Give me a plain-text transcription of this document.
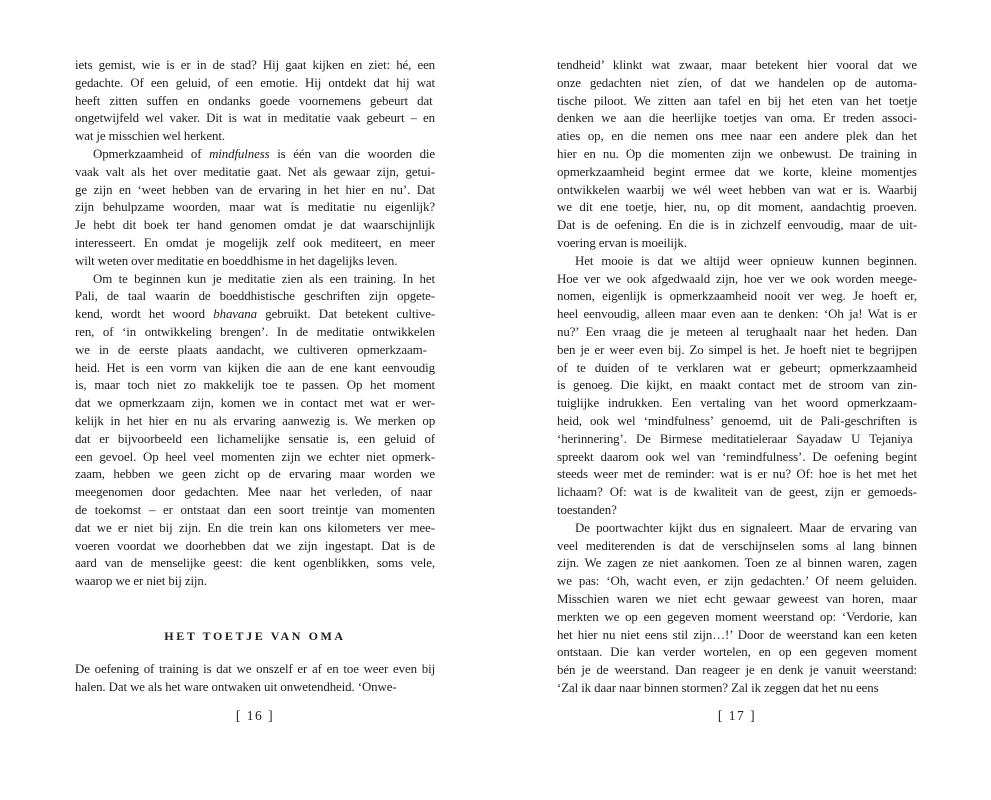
iets gemist, wie is er in de stad? Hij gaat kijken en ziet: hé, een
gedachte. Of een geluid, of een emotie. Hij ontdekt dat hij wat
heeft zitten suffen en ondanks goede voornemens gebeurt dat
ongetwijfeld wel vaker. Dit is wat in meditatie vaak gebeurt – en
wat je misschien wel herkent.
Opmerkzaamheid of mindfulness is één van die woorden die
vaak valt als het over meditatie gaat. Net als gewaar zijn, getui-
ge zijn en ‘weet hebben van de ervaring in het hier en nu’. Dat
zijn behulpzame woorden, maar wat ís meditatie nu eigenlijk?
Je hebt dit boek ter hand genomen omdat je dat waarschijnlijk
interesseert. En omdat je mogelijk zelf ook mediteert, en meer
wilt weten over meditatie en boeddhisme in het dagelijks leven.
Om te beginnen kun je meditatie zien als een training. In het
Pali, de taal waarin de boeddhistische geschriften zijn opgete-
kend, wordt het woord bhavana gebruikt. Dat betekent cultive-
ren, of ‘in ontwikkeling brengen’. In de meditatie ontwikkelen
we in de eerste plaats aandacht, we cultiveren opmerkzaam-
heid. Het is een vorm van kijken die aan de ene kant eenvoudig
is, maar toch niet zo makkelijk toe te passen. Op het moment
dat we opmerkzaam zijn, komen we in contact met wat er wer-
kelijk in het hier en nu als ervaring aanwezig is. We merken op
dat er bijvoorbeeld een lichamelijke sensatie is, een geluid of
een gevoel. Op heel veel momenten zijn we echter niet opmerk-
zaam, hebben we geen zicht op de ervaring maar worden we
meegenomen door gedachten. Mee naar het verleden, of naar
de toekomst – er ontstaat dan een soort treintje van momenten
dat we er niet bij zijn. En die trein kan ons kilometers ver mee-
voeren voordat we doorhebben dat we zijn ingestapt. Dat is de
aard van de menselijke geest: die kent ogenblikken, soms vele,
waarop we er niet bij zijn.
HET TOETJE VAN OMA
De oefening of training is dat we onszelf er af en toe weer even bij
halen. Dat we als het ware ontwaken uit onwetendheid. ‘Onwe-
[ 16 ]
tendheid’ klinkt wat zwaar, maar betekent hier vooral dat we
onze gedachten niet zíen, of dat we handelen op de automa-
tische piloot. We zitten aan tafel en bij het eten van het toetje
denken we aan die heerlijke toetjes van oma. Er treden associ-
aties op, en die nemen ons mee naar een andere plek dan het
hier en nu. Op die momenten zijn we onbewust. De training in
opmerkzaamheid begint ermee dat we korte, kleine momentjes
ontwikkelen waarbij we wél weet hebben van wat er is. Waarbij
we dit ene toetje, hier, nu, op dit moment, aandachtig proeven.
Dat is de oefening. En die is in zichzelf eenvoudig, maar de uit-
voering ervan is moeilijk.
Het mooie is dat we altijd weer opnieuw kunnen beginnen.
Hoe ver we ook afgedwaald zijn, hoe ver we ook worden meege-
nomen, eigenlijk is opmerkzaamheid nooit ver weg. Je hoeft er,
heel eenvoudig, alleen maar even aan te denken: ‘Oh ja! Wat is er
nu?’ Een vraag die je meteen al terughaalt naar het heden. Dan
ben je er weer even bij. Zo simpel is het. Je hoeft niet te begrijpen
of te duiden of te verklaren wat er gebeurt; opmerkzaamheid
is genoeg. Die kijkt, en maakt contact met de stroom van zin-
tuiglijke indrukken. Een vertaling van het woord opmerkzaam-
heid, ook wel ‘mindfulness’ genoemd, uit de Pali-geschriften is
‘herinnering’. De Birmese meditatieleraar Sayadaw U Tejaniya
spreekt daarom ook wel van ‘remindfulness’. De oefening begint
steeds weer met de reminder: wat is er nu? Of: hoe is het met het
lichaam? Of: wat is de kwaliteit van de geest, zijn er gemoeds-
toestanden?
De poortwachter kijkt dus en signaleert. Maar de ervaring van
veel mediterenden is dat de verschijnselen soms al lang binnen
zijn. We zagen ze niet aankomen. Toen ze al binnen waren, zagen
we pas: ‘Oh, wacht even, er zijn gedachten.’ Of neem geluiden.
Misschien waren we niet echt gewaar geweest van horen, maar
merkten we op een gegeven moment weerstand op: ‘Verdorie, kan
het hier nu niet eens stil zijn…!’ Door de weerstand kan een keten
ontstaan. Die kan verder wortelen, en op een gegeven moment
bén je de weerstand. Dan reageer je en denk je vanuit weerstand:
‘Zal ik daar naar binnen stormen? Zal ik zeggen dat het nu eens
[ 17 ]
